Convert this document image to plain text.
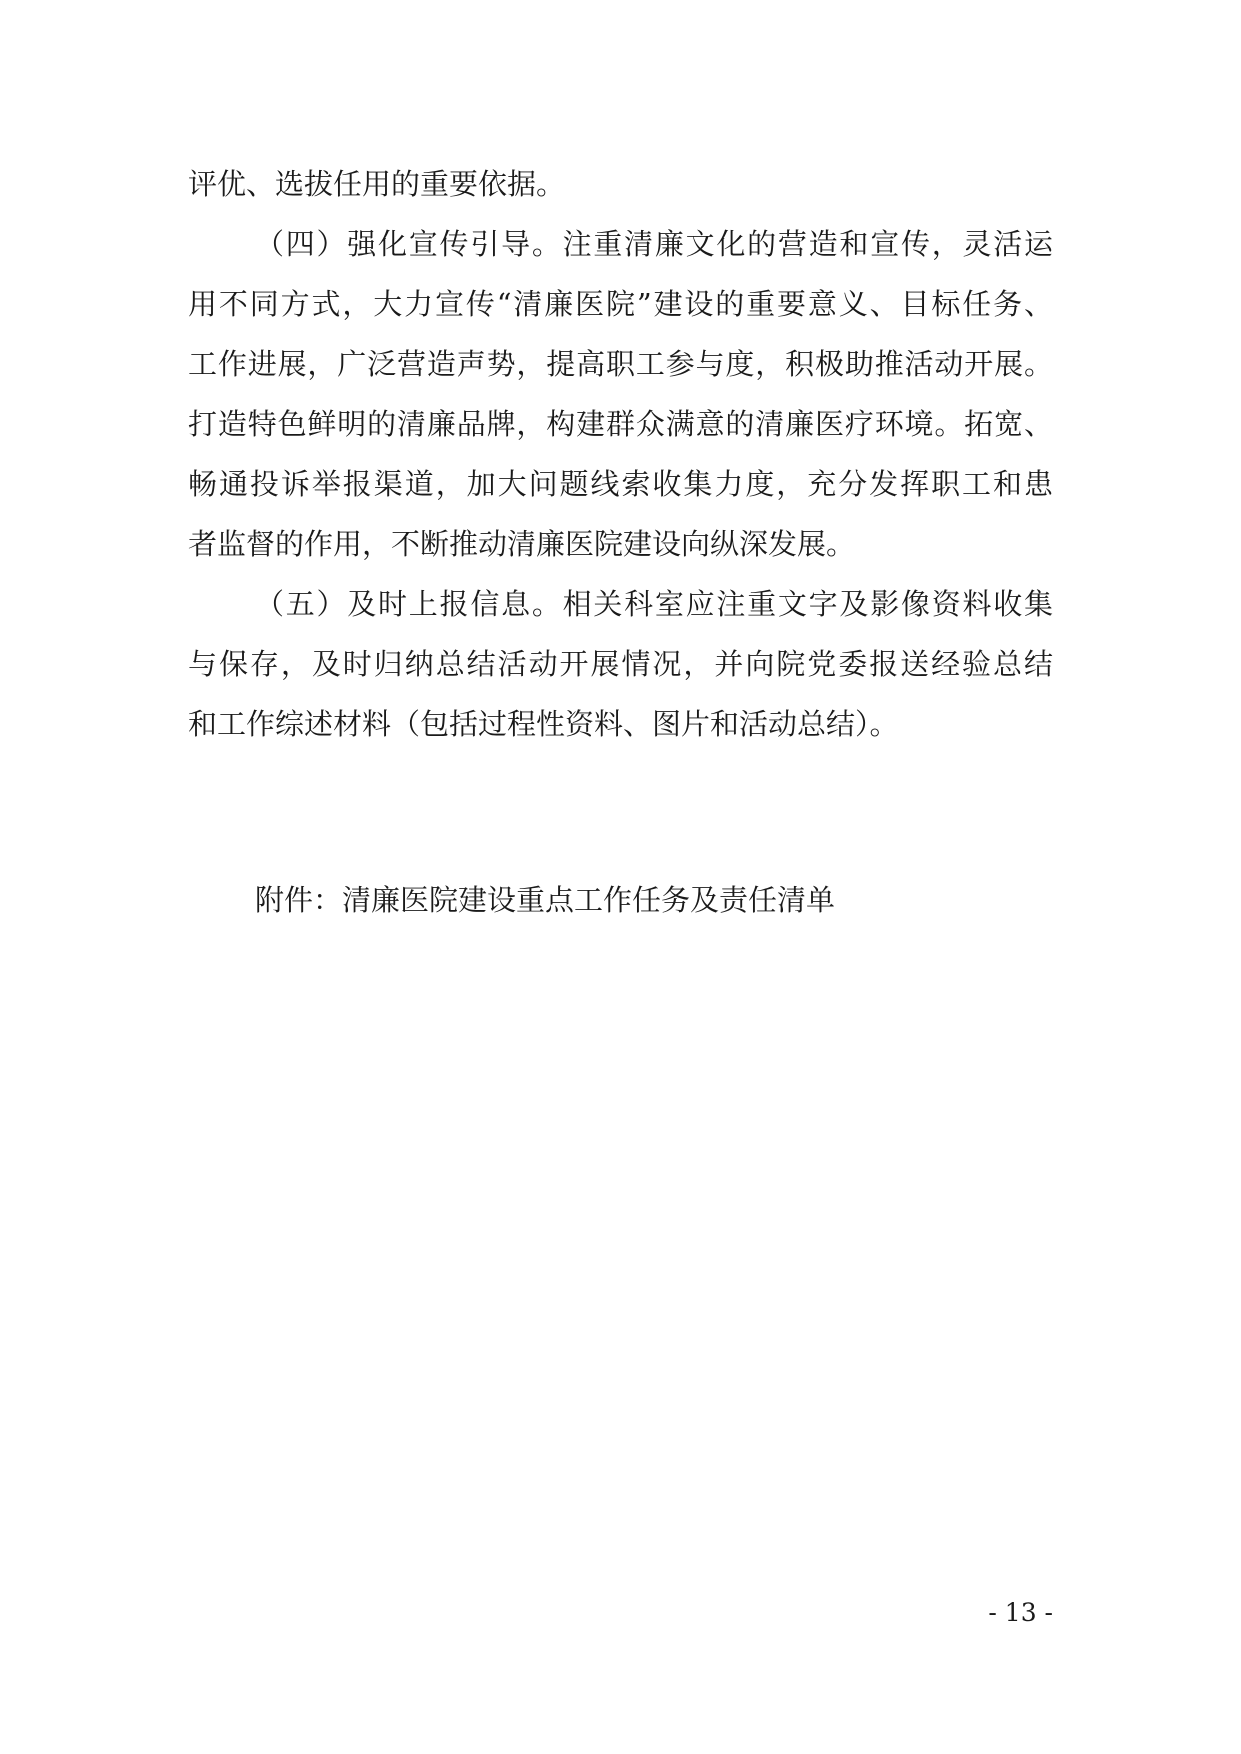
评优、选拔任用的重要依据。
（四）强化宣传引导。注重清廉文化的营造和宣传，灵活运
用不同方式，大力宣传“清廉医院”建设的重要意义、目标任务、
工作进展，广泛营造声势，提高职工参与度，积极助推活动开展。
打造特色鲜明的清廉品牌，构建群众满意的清廉医疗环境。拓宽、
畅通投诉举报渠道，加大问题线索收集力度，充分发挥职工和患
者监督的作用，不断推动清廉医院建设向纵深发展。
（五）及时上报信息。相关科室应注重文字及影像资料收集
与保存，及时归纳总结活动开展情况，并向院党委报送经验总结
和工作综述材料（包括过程性资料、图片和活动总结）。
附件：清廉医院建设重点工作任务及责任清单
- 13 -
